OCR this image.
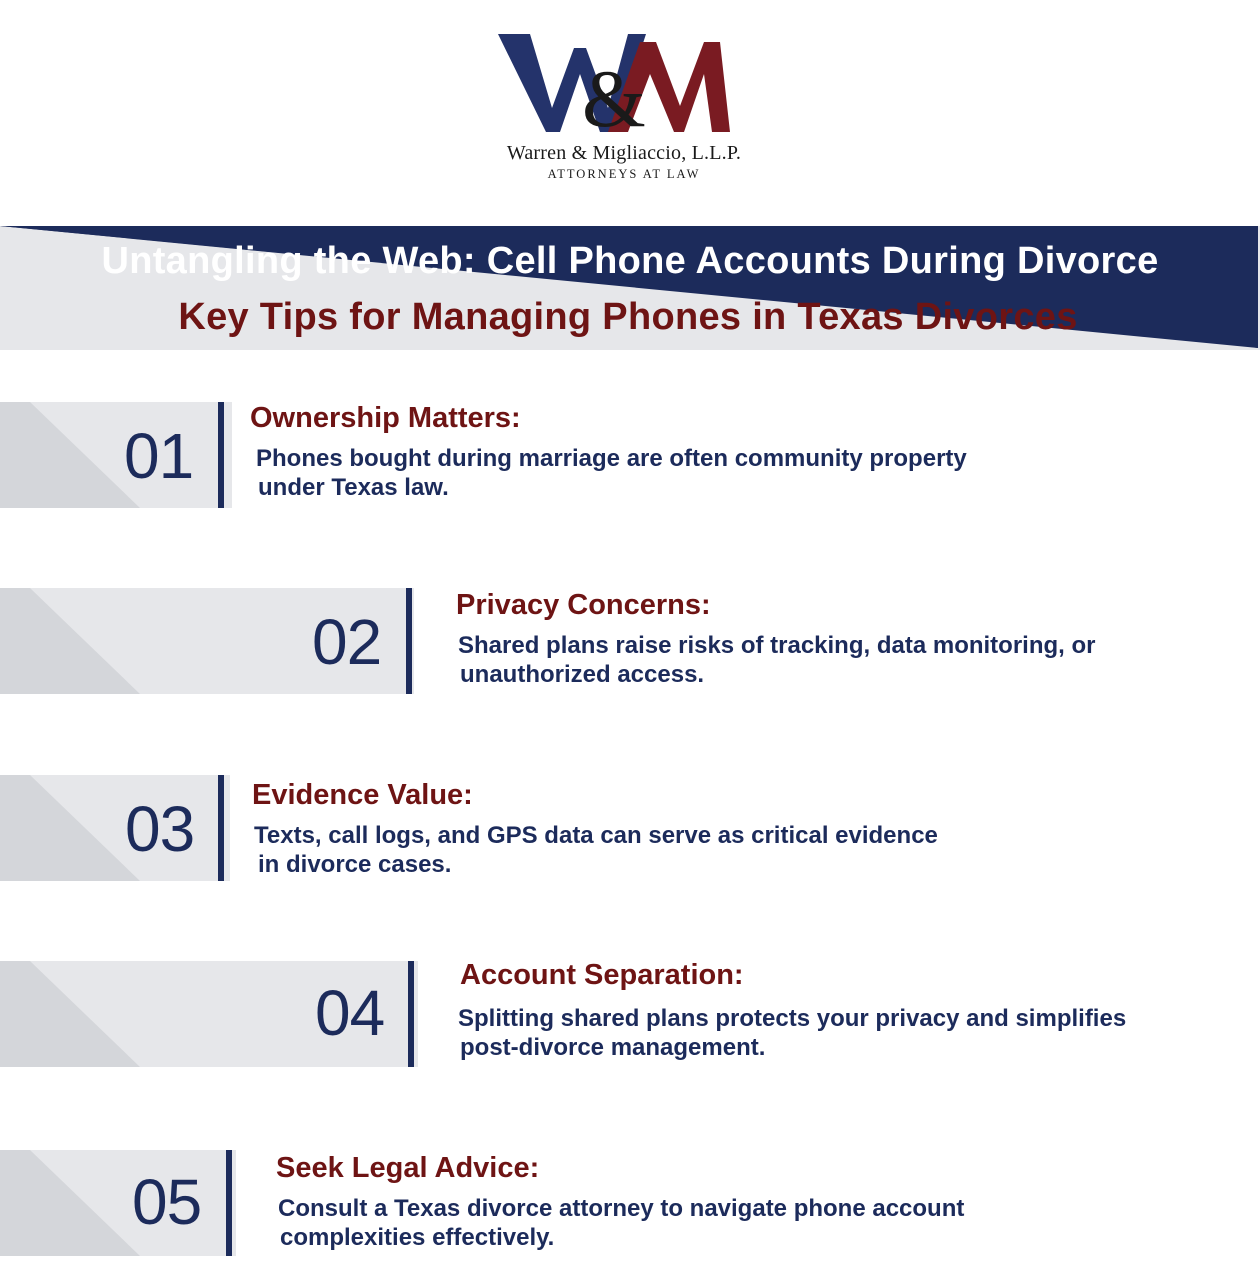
&
Warren & Migliaccio, L.L.P.
ATTORNEYS AT LAW
Untangling the Web: Cell Phone Accounts During Divorce
Key Tips for Managing Phones in Texas Divorces
01
Ownership Matters:
Phones bought during marriage are often community property
under Texas law.
02
Privacy Concerns:
Shared plans raise risks of tracking, data monitoring, or
unauthorized access.
03 Evidence Value:
Texts, call logs, and GPS data can serve as critical evidence
in divorce cases.
04
Account Separation:
Splitting shared plans protects your privacy and simplifies
post-divorce management.
05	Seek Legal Advice:
Consult a Texas divorce attorney to navigate phone account
complexities effectively.
